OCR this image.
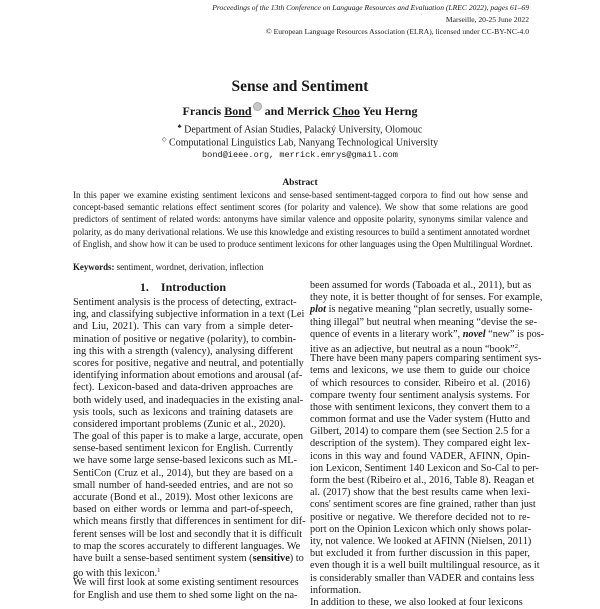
Proceedings of the 13th Conference on Language Resources and Evaluation (LREC 2022), pages 61–69
Marseille, 20-25 June 2022
© European Language Resources Association (ELRA), licensed under CC-BY-NC-4.0
Sense and Sentiment
Francis Bond and Merrick Choo Yeu Herng
♣ Department of Asian Studies, Palacký University, Olomouc
◇ Computational Linguistics Lab, Nanyang Technological University
bond@ieee.org, merrick.emrys@gmail.com
Abstract
In this paper we examine existing sentiment lexicons and sense-based sentiment-tagged corpora to find out how sense and
concept-based semantic relations effect sentiment scores (for polarity and valence). We show that some relations are good
predictors of sentiment of related words: antonyms have similar valence and opposite polarity, synonyms similar valence and
polarity, as do many derivational relations. We use this knowledge and existing resources to build a sentiment annotated wordnet
of English, and show how it can be used to produce sentiment lexicons for other languages using the Open Multilingual Wordnet.
Keywords: sentiment, wordnet, derivation, inflection
1.    Introduction
Sentiment analysis is the process of detecting, extract-
ing, and classifying subjective information in a text (Lei
and Liu, 2021). This can vary from a simple deter-
mination of positive or negative (polarity), to combin-
ing this with a strength (valency), analysing different
scores for positive, negative and neutral, and potentially
identifying information about emotions and arousal (af-
fect). Lexicon-based and data-driven approaches are
both widely used, and inadequacies in the existing anal-
ysis tools, such as lexicons and training datasets are
considered important problems (Zunic et al., 2020).
The goal of this paper is to make a large, accurate, open
sense-based sentiment lexicon for English. Currently
we have some large sense-based lexicons such as ML-
SentiCon (Cruz et al., 2014), but they are based on a
small number of hand-seeded entries, and are not so
accurate (Bond et al., 2019). Most other lexicons are
based on either words or lemma and part-of-speech,
which means firstly that differences in sentiment for dif-
ferent senses will be lost and secondly that it is difficult
to map the scores accurately to different languages. We
have built a sense-based sentiment system (sensitive) to
go with this lexicon.$^1$
We will first look at some existing sentiment resources
for English and use them to shed some light on the na-
been assumed for words (Taboada et al., 2011), but as
they note, it is better thought of for senses. For example,
plot is negative meaning “plan secretly, usually some-
thing illegal” but neutral when meaning “devise the se-
quence of events in a literary work”, novel “new” is pos-
itive as an adjective, but neutral as a noun “book”$^2$.
There have been many papers comparing sentiment sys-
tems and lexicons, we use them to guide our choice
of which resources to consider. Ribeiro et al. (2016)
compare twenty four sentiment analysis systems. For
those with sentiment lexicons, they convert them to a
common format and use the Vader system (Hutto and
Gilbert, 2014) to compare them (see Section 2.5 for a
description of the system). They compared eight lex-
icons in this way and found VADER, AFINN, Opin-
ion Lexicon, Sentiment 140 Lexicon and So-Cal to per-
form the best (Ribeiro et al., 2016, Table 8). Reagan et
al. (2017) show that the best results came when lexi-
cons' sentiment scores are fine grained, rather than just
positive or negative. We therefore decided not to re-
port on the Opinion Lexicon which only shows polar-
ity, not valence. We looked at AFINN (Nielsen, 2011)
but excluded it from further discussion in this paper,
even though it is a well built multilingual resource, as it
is considerably smaller than VADER and contains less
information.
In addition to these, we also looked at four lexicons
